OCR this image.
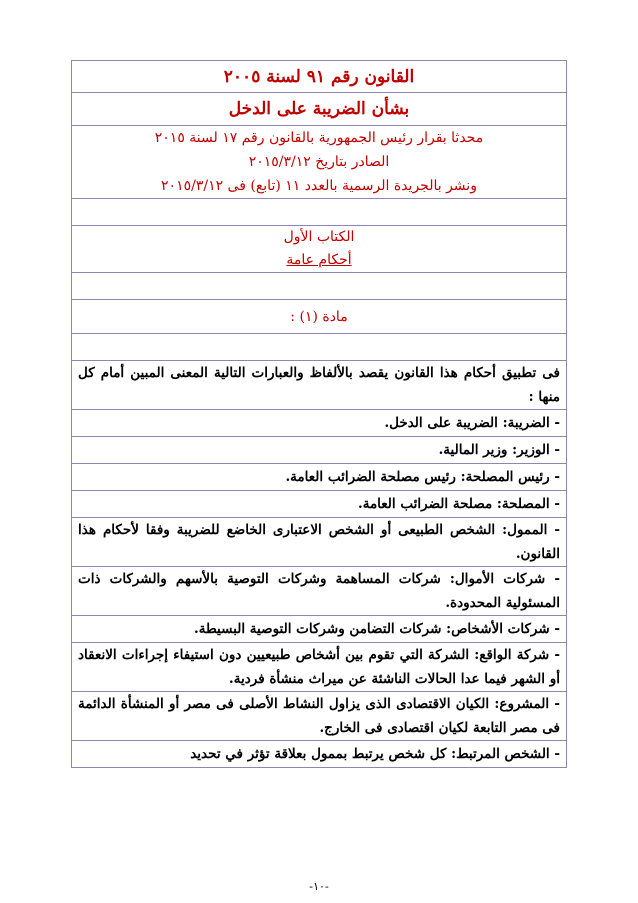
القانون رقم ٩١ لسنة ٢٠٠٥
بشأن الضريبة على الدخل

محدثا بقرار رئيس الجمهورية بالقانون رقم ١٧ لسنة ٢٠١٥
الصادر بتاريخ ٢٠١٥/٣/١٢
ونشر بالجريدة الرسمية بالعدد ١١ (تابع) فى ٢٠١٥/٣/١٢

الكتاب الأول
أحكام عامة

مادة (١) :

فى تطبيق أحكام هذا القانون يقصد بالألفاظ والعبارات التالية المعنى المبين أمام كل منها :
- الضريبة: الضريبة على الدخل.
- الوزير: وزير المالية.
- رئيس المصلحة: رئيس مصلحة الضرائب العامة.
- المصلحة: مصلحة الضرائب العامة.
- الممول: الشخص الطبيعى أو الشخص الاعتبارى الخاضع للضريبة وفقا لأحكام هذا القانون.
- شركات الأموال: شركات المساهمة وشركات التوصية بالأسهم والشركات ذات المسئولية المحدودة.
- شركات الأشخاص: شركات التضامن وشركات التوصية البسيطة.
- شركة الواقع: الشركة التي تقوم بين أشخاص طبيعيين دون استيفاء إجراءات الانعقاد أو الشهر فيما عدا الحالات الناشئة عن ميراث منشأة فردية.
- المشروع: الكيان الاقتصادى الذى يزاول النشاط الأصلى فى مصر أو المنشأة الدائمة فى مصر التابعة لكيان اقتصادى فى الخارج.
- الشخص المرتبط: كل شخص يرتبط بممول بعلاقة تؤثر في تحديد
-١٠-
